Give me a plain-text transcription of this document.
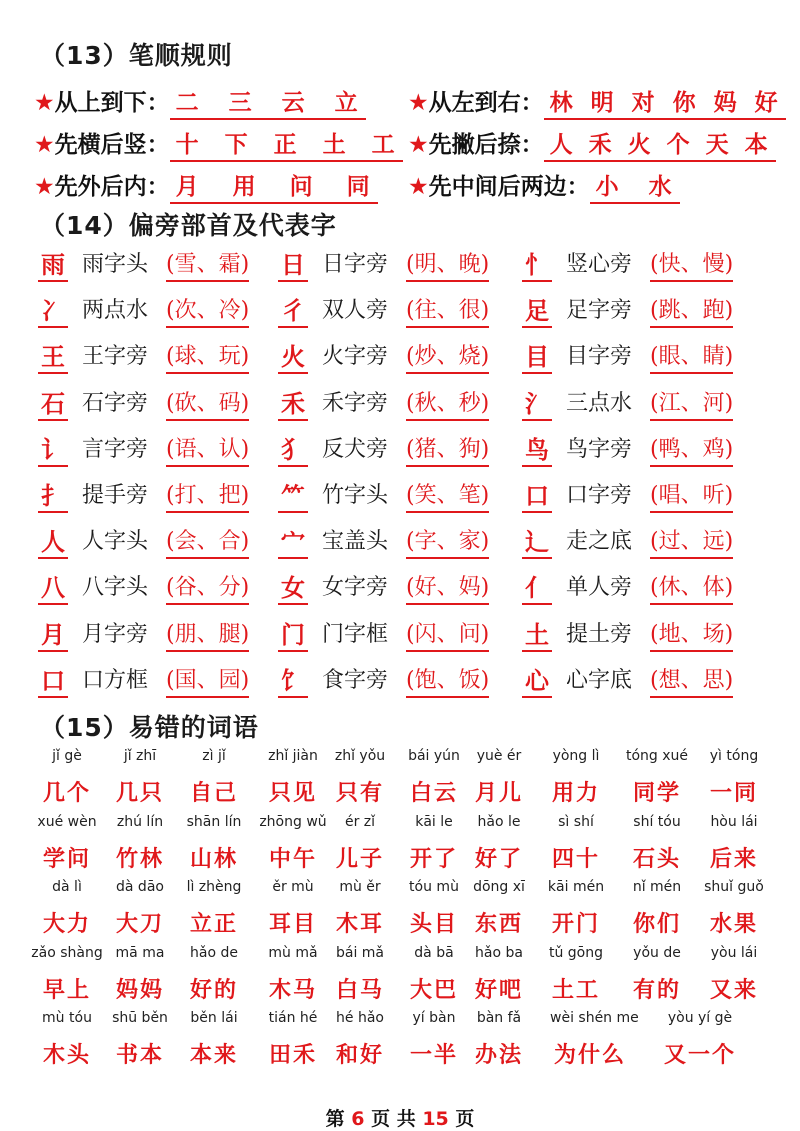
（13）笔顺规则
★从上到下： 二 三 云 立 ★从左到右： 林 明 对 你 妈 好
★先横后竖： 十 下 正 土 工 ★先撇后捺： 人 禾 火 个 天 本
★先外后内： 月 用 问 同 ★先中间后两边： 小 水
（14）偏旁部首及代表字
雨 雨字头 (雪、霜) 日 日字旁 (明、晚) 忄 竖心旁 (快、慢)
冫 两点水 (次、冷) 彳 双人旁 (往、很) 足 足字旁 (跳、跑)
王 王字旁 (球、玩) 火 火字旁 (炒、烧) 目 目字旁 (眼、睛)
石 石字旁 (砍、码) 禾 禾字旁 (秋、秒) 氵 三点水 (江、河)
讠 言字旁 (语、认) 犭 反犬旁 (猪、狗) 鸟 鸟字旁 (鸭、鸡)
扌 提手旁 (打、把) ⺮ 竹字头 (笑、笔) 口 口字旁 (唱、听)
人 人字头 (会、合) 宀 宝盖头 (字、家) 辶 走之底 (过、远)
八 八字头 (谷、分) 女 女字旁 (好、妈) 亻 单人旁 (休、体)
月 月字旁 (朋、腿) 门 门字框 (闪、问) 土 提土旁 (地、场)
口 口方框 (国、园) 饣 食字旁 (饱、饭) 心 心字底 (想、思)
（15）易错的词语
jǐ gè
几个
jǐ zhī
几只
zì jǐ
自己
zhǐ jiàn
只见
zhǐ yǒu
只有
bái yún
白云
yuè ér
月儿
yòng lì
用力
tóng xué
同学
yì tóng
一同
xué wèn
学问
zhú lín
竹林
shān lín
山林
zhōng wǔ
中午
ér zǐ
儿子
kāi le
开了
hǎo le
好了
sì shí
四十
shí tóu
石头
hòu lái
后来
dà lì
大力
dà dāo
大刀
lì zhèng
立正
ěr mù
耳目
mù ěr
木耳
tóu mù
头目
dōng xī
东西
kāi mén
开门
nǐ mén
你们
shuǐ guǒ
水果
zǎo shàng
早上
mā ma
妈妈
hǎo de
好的
mù mǎ
木马
bái mǎ
白马
dà bā
大巴
hǎo ba
好吧
tǔ gōng
土工
yǒu de
有的
yòu lái
又来
mù tóu
木头
shū běn
书本
běn lái
本来
tián hé
田禾
hé hǎo
和好
yí bàn
一半
bàn fǎ
办法
wèi shén me
为什么
yòu yí gè
又一个
第 6 页 共 15 页
